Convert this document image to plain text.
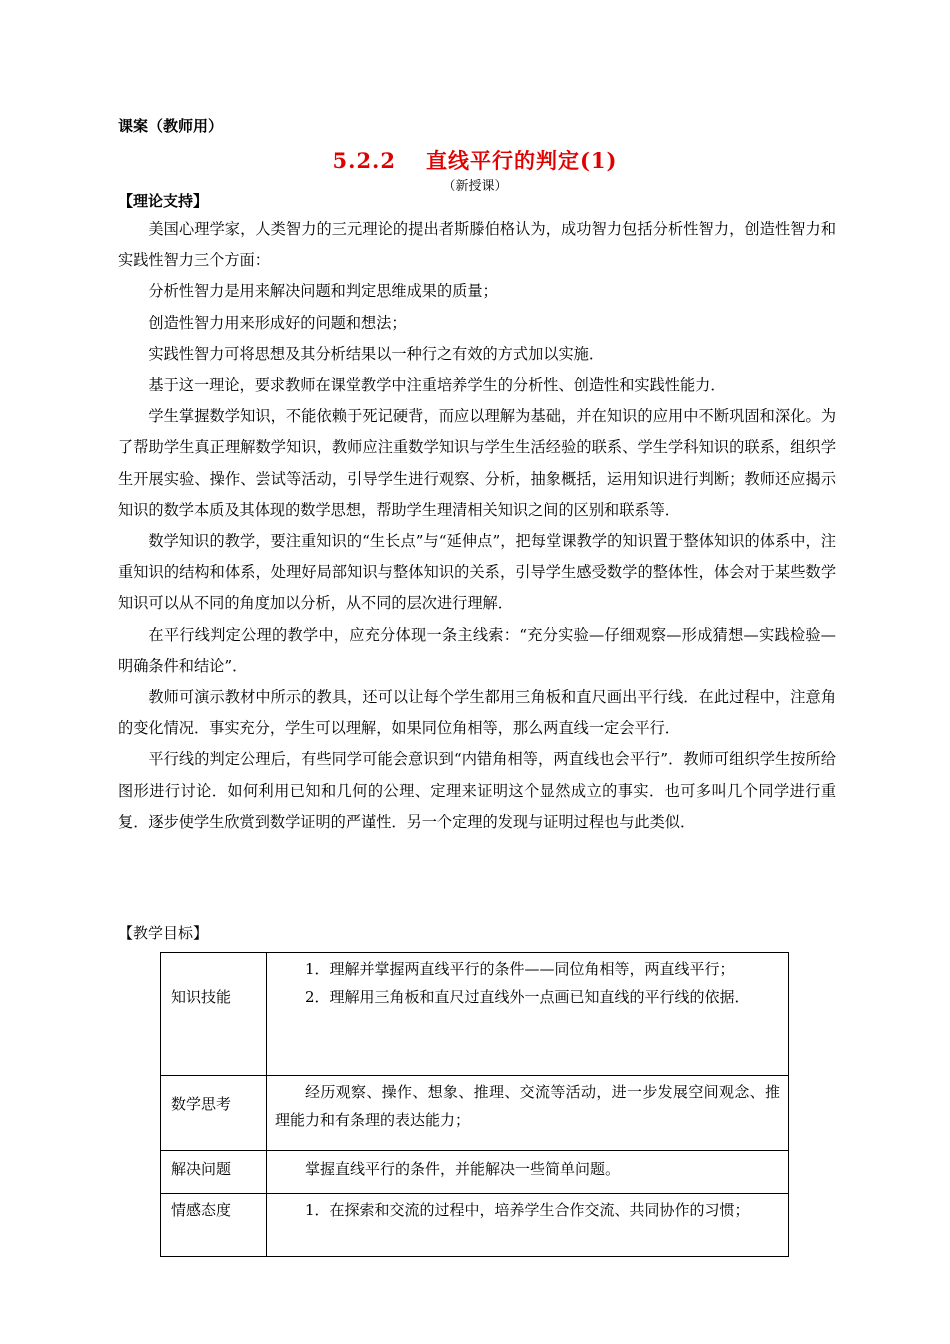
课案（教师用）
5.2.2 直线平行的判定(1)
（新授课）
【理论支持】

美国心理学家，人类智力的三元理论的提出者斯滕伯格认为，成功智力包括分析性智力，创造性智力和实践性智力三个方面：

分析性智力是用来解决问题和判定思维成果的质量；

创造性智力用来形成好的问题和想法；

实践性智力可将思想及其分析结果以一种行之有效的方式加以实施．

基于这一理论，要求教师在课堂教学中注重培养学生的分析性、创造性和实践性能力．

学生掌握数学知识，不能依赖于死记硬背，而应以理解为基础，并在知识的应用中不断巩固和深化。为了帮助学生真正理解数学知识，教师应注重数学知识与学生生活经验的联系、学生学科知识的联系，组织学生开展实验、操作、尝试等活动，引导学生进行观察、分析，抽象概括，运用知识进行判断；教师还应揭示知识的数学本质及其体现的数学思想，帮助学生理清相关知识之间的区别和联系等．

数学知识的教学，要注重知识的“生长点”与“延伸点”，把每堂课教学的知识置于整体知识的体系中，注重知识的结构和体系，处理好局部知识与整体知识的关系，引导学生感受数学的整体性，体会对于某些数学知识可以从不同的角度加以分析，从不同的层次进行理解．

在平行线判定公理的教学中，应充分体现一条主线索：“充分实验—仔细观察—形成猜想—实践检验—明确条件和结论”．

教师可演示教材中所示的教具，还可以让每个学生都用三角板和直尺画出平行线．在此过程中，注意角的变化情况．事实充分，学生可以理解，如果同位角相等，那么两直线一定会平行．

平行线的判定公理后，有些同学可能会意识到“内错角相等，两直线也会平行”．教师可组织学生按所给图形进行讨论．如何利用已知和几何的公理、定理来证明这个显然成立的事实．也可多叫几个同学进行重复．逐步使学生欣赏到数学证明的严谨性．另一个定理的发现与证明过程也与此类似．

【教学目标】
知识技能	1．理解并掌握两直线平行的条件——同位角相等，两直线平行；

2．理解用三角板和直尺过直线外一点画已知直线的平行线的依据．

数学思考	经历观察、操作、想象、推理、交流等活动，进一步发展空间观念、推理能力和有条理的表达能力；

解决问题	掌握直线平行的条件，并能解决一些简单问题。

情感态度	1．在探索和交流的过程中，培养学生合作交流、共同协作的习惯；
